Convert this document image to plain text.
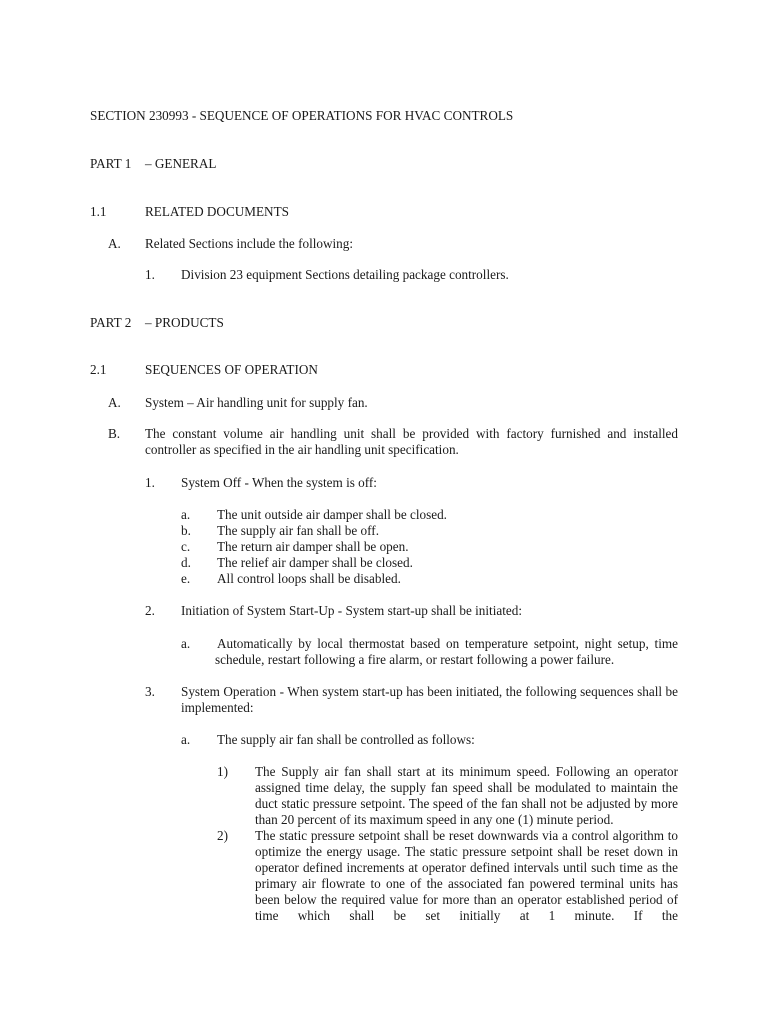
SECTION 230993 - SEQUENCE OF OPERATIONS FOR HVAC CONTROLS
PART 1 – GENERAL
1.1	RELATED DOCUMENTS
A. Related Sections include the following:
1. Division 23 equipment Sections detailing package controllers.
PART 2 – PRODUCTS
2.1	SEQUENCES OF OPERATION
A. System – Air handling unit for supply fan.
B. The constant volume air handling unit shall be provided with factory furnished and installed controller as specified in the air handling unit specification.
1. System Off - When the system is off:
a. The unit outside air damper shall be closed.
b. The supply air fan shall be off.
c. The return air damper shall be open.
d. The relief air damper shall be closed.
e. All control loops shall be disabled.
2. Initiation of System Start-Up - System start-up shall be initiated:
a. Automatically by local thermostat based on temperature setpoint, night setup, time schedule, restart following a fire alarm, or restart following a power failure.
3. System Operation - When system start-up has been initiated, the following sequences shall be implemented:
a. The supply air fan shall be controlled as follows:
1) The Supply air fan shall start at its minimum speed. Following an operator assigned time delay, the supply fan speed shall be modulated to maintain the duct static pressure setpoint. The speed of the fan shall not be adjusted by more than 20 percent of its maximum speed in any one (1) minute period.
2) The static pressure setpoint shall be reset downwards via a control algorithm to optimize the energy usage. The static pressure setpoint shall be reset down in operator defined increments at operator defined intervals until such time as the primary air flowrate to one of the associated fan powered terminal units has been below the required value for more than an operator established period of time which shall be set initially at 1 minute. If the
